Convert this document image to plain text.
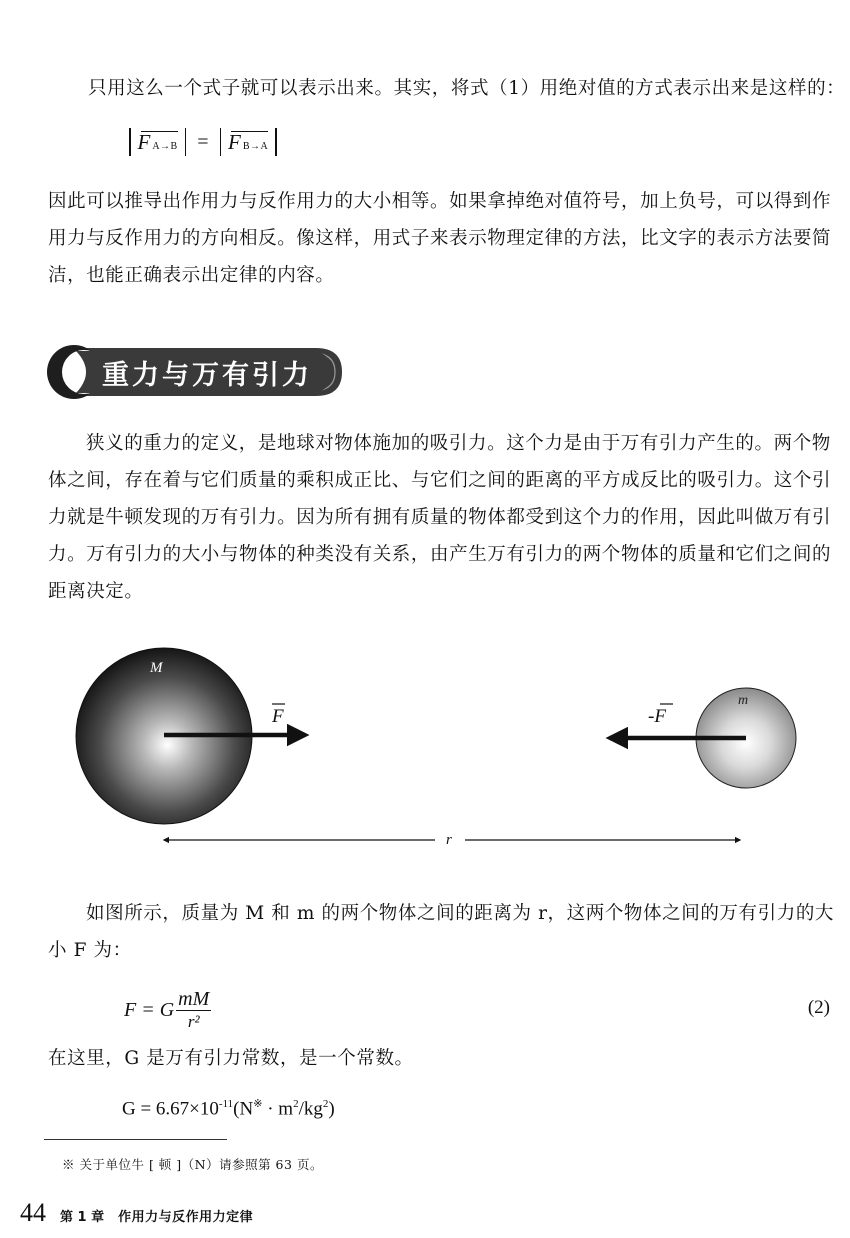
只用这么一个式子就可以表示出来。其实，将式（1）用绝对值的方式表示出来是这样的：

F A→B = F B→A

因此可以推导出作用力与反作用力的大小相等。如果拿掉绝对值符号，加上负号，可以得到作用力与反作用力的方向相反。像这样，用式子来表示物理定律的方法，比文字的表示方法要简洁，也能正确表示出定律的内容。

重力与万有引力

狭义的重力的定义，是地球对物体施加的吸引力。这个力是由于万有引力产生的。两个物体之间，存在着与它们质量的乘积成正比、与它们之间的距离的平方成反比的吸引力。这个引力就是牛顿发现的万有引力。因为所有拥有质量的物体都受到这个力的作用，因此叫做万有引力。万有引力的大小与物体的种类没有关系，由产生万有引力的两个物体的质量和它们之间的距离决定。

M
F
m
-F
r

如图所示，质量为 M 和 m 的两个物体之间的距离为 r，这两个物体之间的万有引力的大小 F 为：

F = G $\frac{mM}{\text{r²}}$	(2)

在这里，G 是万有引力常数，是一个常数。

$G = 6.67\times 10^{-11}(N^※ \cdot m^2/kg^2)$
※ 关于单位牛 [ 顿 ]（N）请参照第 63 页。
44 第 1 章 作用力与反作用力定律
